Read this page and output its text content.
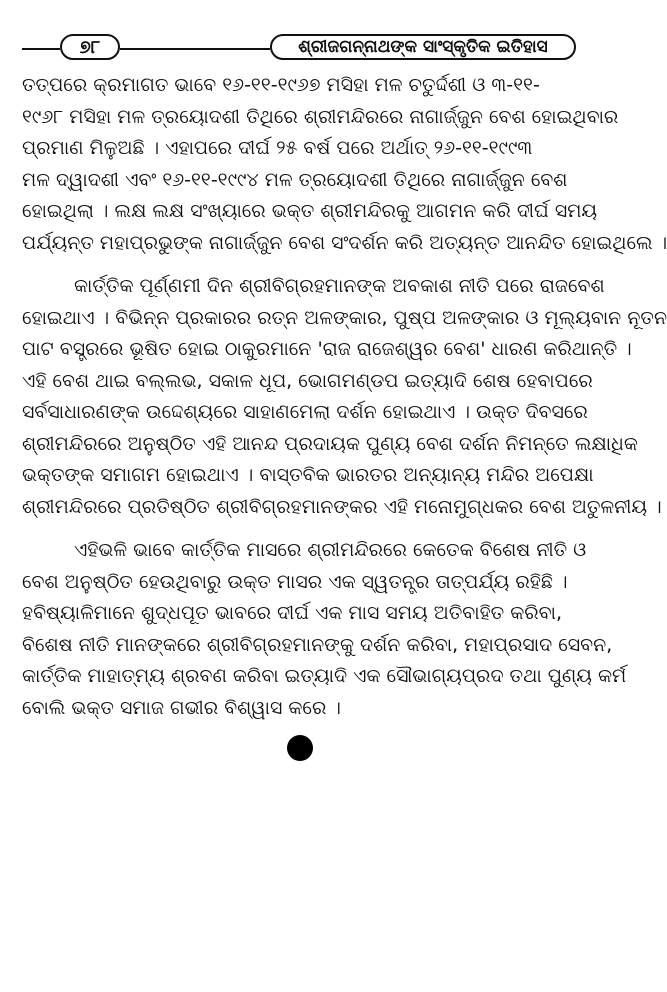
୭୮	ଶ୍ରୀଜଗନ୍ନାଥଙ୍କ ସାଂସ୍କୃତିକ ଇତିହାସ

ତତ୍ପରେ କ୍ରମାଗତ ଭାବେ ୧୬-୧୧-୧୯୬୭ ମସିହା ମଳ ଚତୁର୍ଦ୍ଦଶୀ ଓ ୩-୧୧-
୧୯୬୮ ମସିହା ମଳ ତ୍ରୟୋଦଶୀ ତିଥିରେ ଶ୍ରୀମନ୍ଦିରରେ ନାଗାର୍ଜ୍ଜୁନ ବେଶ ହୋଇଥିବାର
ପ୍ରମାଣ ମିଳୁଅଛି । ଏହାପରେ ଦୀର୍ଘ ୨୫ ବର୍ଷ ପରେ ଅର୍ଥାତ୍ ୨୬-୧୧-୧୯୯୩
ମଳ ଦ୍ୱାଦଶୀ ଏବଂ ୧୬-୧୧-୧୯୯୪ ମଳ ତ୍ରୟୋଦଶୀ ତିଥିରେ ନାଗାର୍ଜ୍ଜୁନ ବେଶ
ହୋଇଥିଲା । ଲକ୍ଷ ଲକ୍ଷ ସଂଖ୍ୟାରେ ଭକ୍ତ ଶ୍ରୀମନ୍ଦିରକୁ ଆଗମନ କରି ଦୀର୍ଘ ସମୟ
ପର୍ଯ୍ୟନ୍ତ ମହାପ୍ରଭୁଙ୍କ ନାଗାର୍ଜ୍ଜୁନ ବେଶ ସଂଦର୍ଶନ କରି ଅତ୍ୟନ୍ତ ଆନନ୍ଦିତ ହୋଇଥିଲେ ।

କାର୍ତ୍ତିକ ପୂର୍ଣ୍ଣମୀ ଦିନ ଶ୍ରୀବିଗ୍ରହମାନଙ୍କ ଅବକାଶ ନୀତି ପରେ ରାଜବେଶ
ହୋଇଥାଏ । ବିଭିନ୍ନ ପ୍ରକାରର ରତ୍ନ ଅଳଙ୍କାର, ପୁଷ୍ପ ଅଳଙ୍କାର ଓ ମୂଲ୍ୟବାନ ନୂତନ
ପାଟ ବସ୍ତ୍ରରେ ଭୂଷିତ ହୋଇ ଠାକୁରମାନେ 'ରାଜ ରାଜେଶ୍ୱର ବେଶ' ଧାରଣ କରିଥାନ୍ତି ।
ଏହି ବେଶ ଥାଇ ବଲ୍ଲଭ, ସକାଳ ଧୂପ, ଭୋଗମଣ୍ଡପ ଇତ୍ୟାଦି ଶେଷ ହେବାପରେ
ସର୍ବସାଧାରଣଙ୍କ ଉଦ୍ଦେଶ୍ୟରେ ସାହାଣମେଲା ଦର୍ଶନ ହୋଇଥାଏ । ଉକ୍ତ ଦିବସରେ
ଶ୍ରୀମନ୍ଦିରରେ ଅନୁଷ୍ଠିତ ଏହି ଆନନ୍ଦ ପ୍ରଦାୟକ ପୁଣ୍ୟ ବେଶ ଦର୍ଶନ ନିମନ୍ତେ ଲକ୍ଷାଧିକ
ଭକ୍ତଙ୍କ ସମାଗମ ହୋଇଥାଏ । ବାସ୍ତବିକ ଭାରତର ଅନ୍ୟାନ୍ୟ ମନ୍ଦିର ଅପେକ୍ଷା
ଶ୍ରୀମନ୍ଦିରରେ ପ୍ରତିଷ୍ଠିତ ଶ୍ରୀବିଗ୍ରହମାନଙ୍କର ଏହି ମନୋମୁଗ୍ଧକର ବେଶ ଅତୁଳନୀୟ ।

ଏହିଭଳି ଭାବେ କାର୍ତ୍ତିକ ମାସରେ ଶ୍ରୀମନ୍ଦିରରେ କେତେକ ବିଶେଷ ନୀତି ଓ
ବେଶ ଅନୁଷ୍ଠିତ ହେଉଥିବାରୁ ଉକ୍ତ ମାସର ଏକ ସ୍ୱତନ୍ତ୍ର ତାତ୍ପର୍ଯ୍ୟ ରହିଛି ।
ହବିଷ୍ୟାଳିମାନେ ଶୁଦ୍ଧପୂତ ଭାବରେ ଦୀର୍ଘ ଏକ ମାସ ସମୟ ଅତିବାହିତ କରିବା,
ବିଶେଷ ନୀତି ମାନଙ୍କରେ ଶ୍ରୀବିଗ୍ରହମାନଙ୍କୁ ଦର୍ଶନ କରିବା, ମହାପ୍ରସାଦ ସେବନ,
କାର୍ତ୍ତିକ ମାହାତ୍ମ୍ୟ ଶ୍ରବଣ କରିବା ଇତ୍ୟାଦି ଏକ ସୌଭାଗ୍ୟପ୍ରଦ ତଥା ପୁଣ୍ୟ କର୍ମ
ବୋଲି ଭକ୍ତ ସମାଜ ଗଭୀର ବିଶ୍ୱାସ କରେ ।
